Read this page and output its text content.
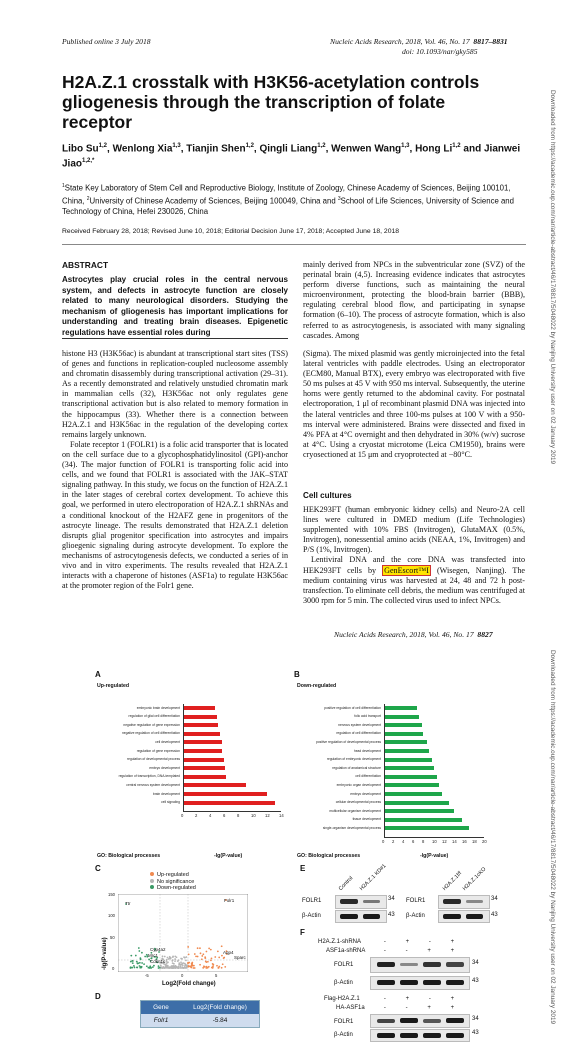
Published online 3 July 2018	Nucleic Acids Research, 2018, Vol. 46, No. 17 8817–8831
doi: 10.1093/nar/gky585
H2A.Z.1 crosstalk with H3K56-acetylation controls gliogenesis through the transcription of folate receptor
Libo Su$^{1,2}$, Wenlong Xia$^{1,3}$, Tianjin Shen$^{1,2}$, Qingli Liang$^{1,2}$, Wenwen Wang$^{1,3}$, Hong Li$^{1,2}$ and Jianwei Jiao$^{1,2,*}$
$^1$State Key Laboratory of Stem Cell and Reproductive Biology, Institute of Zoology, Chinese Academy of Sciences, Beijing 100101, China, $^2$University of Chinese Academy of Sciences, Beijing 100049, China and $^3$School of Life Sciences, University of Science and Technology of China, Hefei 230026, China
Received February 28, 2018; Revised June 10, 2018; Editorial Decision June 17, 2018; Accepted June 18, 2018
ABSTRACT
Astrocytes play crucial roles in the central nervous system, and defects in astrocyte function are closely related to many neurological disorders. Studying the mechanism of gliogenesis has important implications for understanding and treating brain diseases. Epigenetic regulations have essential roles during

mainly derived from NPCs in the subventricular zone (SVZ) of the perinatal brain (4,5). Increasing evidence indicates that astrocytes perform diverse functions, such as maintaining the neural microenvironment, protecting the blood-brain barrier (BBB), regulating cerebral blood flow, and participating in synapse formation (6–10). The process of astrocyte formation, which is also referred to as astrocytogenesis, is associated with many signaling cascades. Among

histone H3 (H3K56ac) is abundant at transcriptional start sites (TSS) of genes and functions in replication-coupled nucleosome assembly and chromatin disassembly during transcriptional activation (29–31). As a recently demonstrated and relatively unstudied chromatin mark in mammalian cells (32), H3K56ac not only regulates gene transcriptional activation but is also related to memory formation in the hippocampus (33). Whether there is a connection between H2A.Z.1 and H3K56ac in the regulation of the developing cortex remains largely unknown.

Folate receptor 1 (FOLR1) is a folic acid transporter that is located on the cell surface due to a glycophosphatidylinositol (GPI)-anchor (34). The major function of FOLR1 is transporting folic acid into cells, and we found that FOLR1 is associated with the JAK–STAT signaling pathway. In this study, we focus on the function of H2A.Z.1 in the later stages of cerebral cortex development. To achieve this goal, we performed in utero electroporation of H2A.Z.1 shRNAs and a conditional knockout of the H2AFZ gene in progenitors of the astrocyte lineage. The results demonstrated that H2A.Z.1 deletion disrupts glial progenitor specification into astrocytes and impairs glioegenic signaling during astrocyte development. To explore the mechanisms of astrocytogenesis defects, we conducted a series of in vivo and in vitro experiments. The results revealed that H2A.Z.1 interacts with a chaperone of histones (ASF1a) to regulate H3K56ac at the promoter region of the Folr1 gene.

(Sigma). The mixed plasmid was gently microinjected into the fetal lateral ventricles with paddle electrodes. Using an electroporator (ECM80, Manual BTX), every embryo was electroporated with five 50 ms pulses at 45 V with 950 ms interval. Subsequently, the uterine horns were gently returned to the abdominal cavity. For postnatal electroporation, 1 μl of recombinant plasmid DNA was injected into the lateral ventricles and three 100-ms pulses at 100 V with a 950-ms interval were administered. Brains were dissected and fixed in 4% PFA at 4°C overnight and then dehydrated in 30% (w/v) sucrose at 4°C. Using a cryostat microtome (Leica CM1950), brains were cryosectioned at 15 μm and cryoprotected at −80°C.

Cell cultures

HEK293FT (human embryonic kidney cells) and Neuro-2A cell lines were cultured in DMED medium (Life Technologies) supplemented with 10% FBS (Invitrogen), GlutaMAX (0.5%, Invitrogen), nonessential amino acids (NEAA, 1%, Invitrogen) and P/S (1%, Invitrogen).

Lentiviral DNA and the core DNA was transfected into HEK293FT cells by GenEscort™I (Wisegen, Nanjing). The medium containing virus was harvested at 24, 48 and 72 h post-transfection. To eliminate cell debris, the medium was centrifuged at 3000 rpm for 5 min. The collected virus used to infect NPCs.

Downloaded from https://academic.oup.com/nar/article-abstract/46/17/8817/5048022 by Nanjing University user on 02 January 2019
Nucleic Acids Research, 2018, Vol. 46, No. 17 8827
Downloaded from https://academic.oup.com/nar/article-abstract/46/17/8817/5048022 by Nanjing University user on 02 January 2019
A
Up-regulated
embryonic brain development
regulation of glial cell differentiation
negative regulation of gene expression
negative regulation of cell differentiation
cell development
regulation of gene expression
regulation of developmental process
embryo development
regulation of transcription, DNA-templated
central nervous system development
brain development
cell signaling
0	2	4	6	8	10 12 14
GO: Biological processes	-lg(P-value)
B
Down-regulated
positive regulation of cell differentiation
folic acid transport
nervous system development
regulation of cell differentiation
positive regulation of developmental process
head development
regulation of embryonic development
regulation of anatomical structure
cell differentiation
embryonic organ development
embryo development
cellular developmental process
multicellular organism development
tissue development
single-organism developmental process
0 2 4 6 8 10 12 14 16 18 20
GO: Biological processes	-lg(P-value)
C
Up-regulated
No significance
Down-regulated
-lg(P-value)
150
100
50
0
-5	0	5
Ttr
Folr1
Cyp4a2
Mrc1
Cdkn1c
Aqp4
Sparc
Log2(Fold change)
D
Gene	Log2(Fold change)
Folr1	-5.84
E
Control H2A.Z.1 KD#1	H2A.Z.1f/f
H2A.Z.1cKO
FOLR1	34
β-Actin	43
FOLR1	34
β-Actin	43
F
H2A.Z.1-shRNA
ASF1a-shRNA
-	+	-	+
-	-	+	+
FOLR1	34
β-Actin	43
Flag-H2A.Z.1
HA-ASF1a
-	+	-	+
-	-	+	+
FOLR1	34
β-Actin	43
